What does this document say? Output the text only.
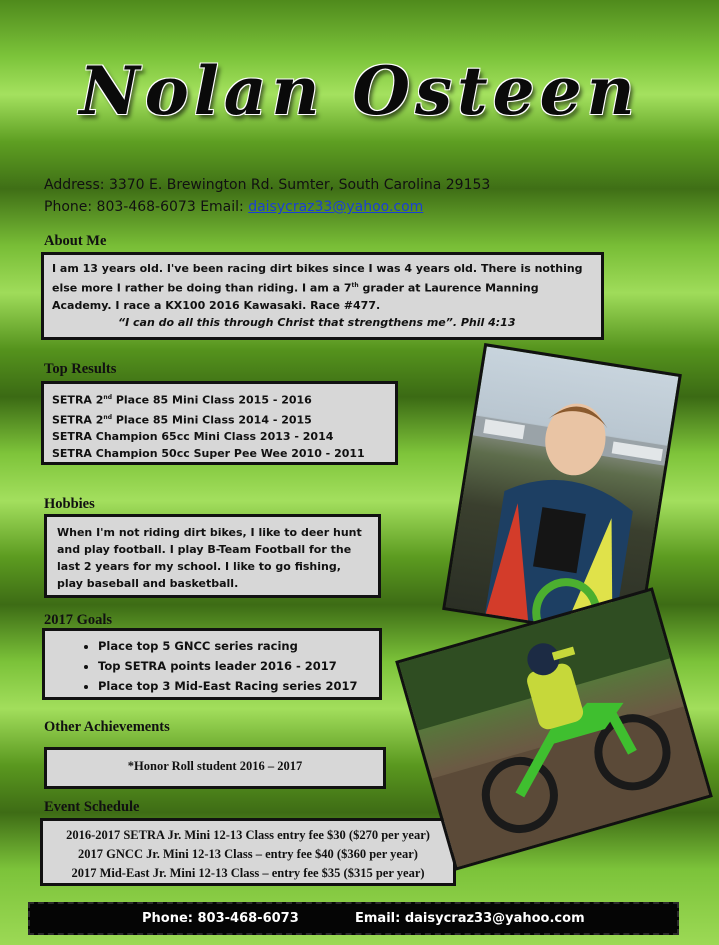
Nolan Osteen
Address: 3370 E. Brewington Rd. Sumter, South Carolina 29153
Phone: 803-468-6073 Email: daisycraz33@yahoo.com
About Me

I am 13 years old. I've been racing dirt bikes since I was 4 years old. There is nothing

else more I rather be doing than riding. I am a 7th grader at Laurence Manning

Academy. I race a KX100 2016 Kawasaki. Race #477.

“I can do all this through Christ that strengthens me”. Phil 4:13

Top Results

SETRA 2nd Place 85 Mini Class 2015 - 2016

SETRA 2nd Place 85 Mini Class 2014 - 2015

SETRA Champion 65cc Mini Class 2013 - 2014

SETRA Champion 50cc Super Pee Wee 2010 - 2011

Hobbies

When I'm not riding dirt bikes, I like to deer hunt

and play football. I play B-Team Football for the

last 2 years for my school. I like to go fishing,

play baseball and basketball.

2017 Goals
• Place top 5 GNCC series racing
• Top SETRA points leader 2016 - 2017
• Place top 3 Mid-East Racing series 2017
Other Achievements

*Honor Roll student 2016 – 2017

Event Schedule

2016-2017 SETRA Jr. Mini 12-13 Class entry fee $30 ($270 per year)

2017 GNCC Jr. Mini 12-13 Class – entry fee $40 ($360 per year)

2017 Mid-East Jr. Mini 12-13 Class – entry fee $35 ($315 per year)

Phone: 803-468-6073	Email: daisycraz33@yahoo.com
